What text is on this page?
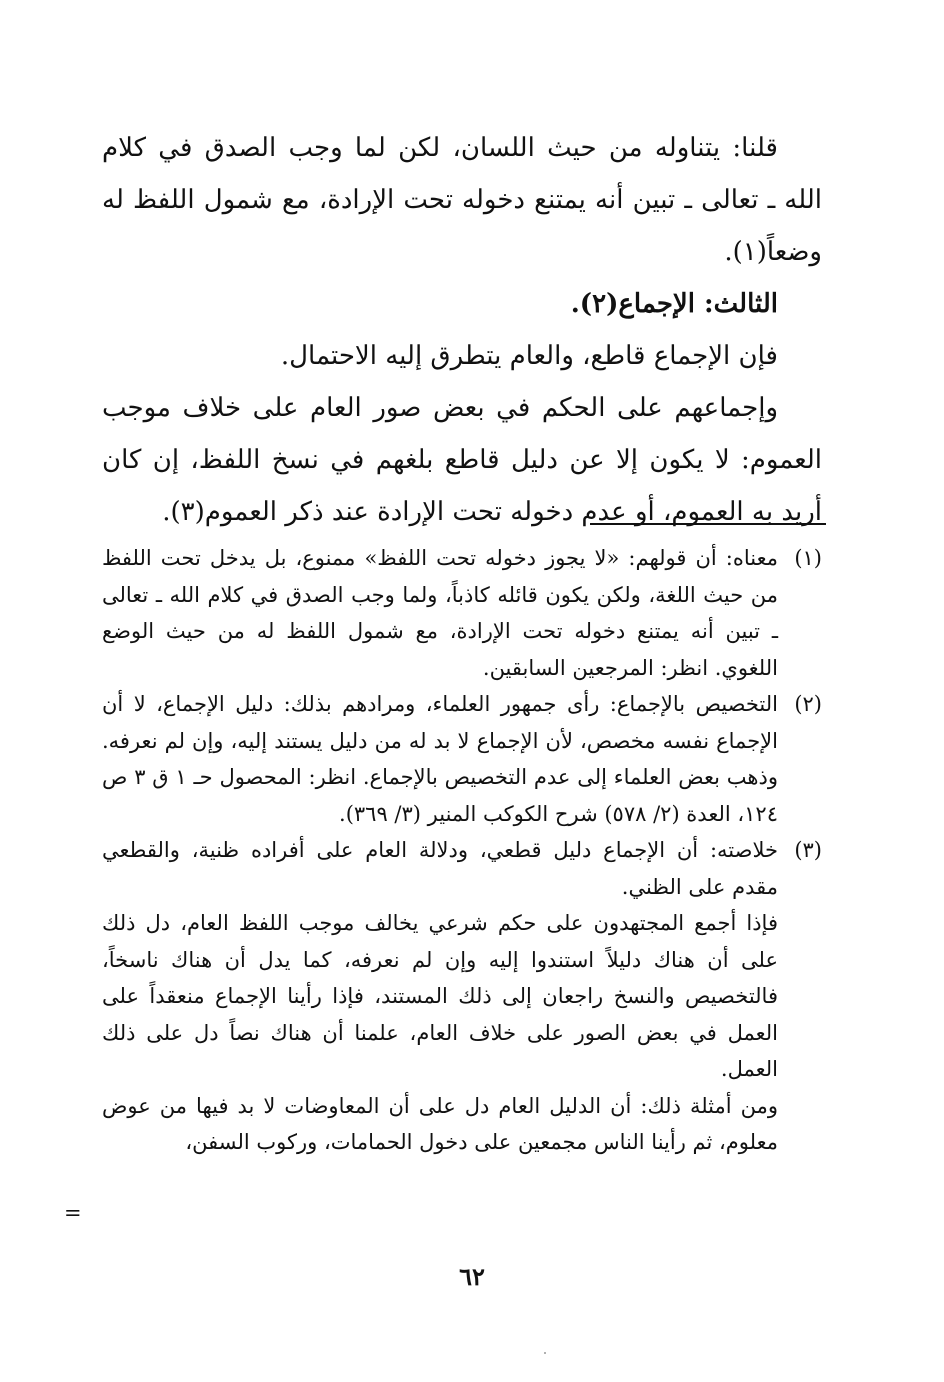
قلنا: يتناوله من حيث اللسان، لكن لما وجب الصدق في كلام الله ـ تعالى ـ تبين أنه يمتنع دخوله تحت الإرادة، مع شمول اللفظ له وضعاً(١).

الثالث: الإجماع(٢).

فإن الإجماع قاطع، والعام يتطرق إليه الاحتمال.

وإجماعهم على الحكم في بعض صور العام على خلاف موجب العموم: لا يكون إلا عن دليل قاطع بلغهم في نسخ اللفظ، إن كان أريد به العموم، أو عدم دخوله تحت الإرادة عند ذكر العموم(٣).

(١)
معناه: أن قولهم: «لا يجوز دخوله تحت اللفظ» ممنوع، بل يدخل تحت اللفظ من حيث اللغة، ولكن يكون قائله كاذباً، ولما وجب الصدق في كلام الله ـ تعالى ـ تبين أنه يمتنع دخوله تحت الإرادة، مع شمول اللفظ له من حيث الوضع اللغوي. انظر: المرجعين السابقين.
(٢)
التخصيص بالإجماع: رأى جمهور العلماء، ومرادهم بذلك: دليل الإجماع، لا أن الإجماع نفسه مخصص، لأن الإجماع لا بد له من دليل يستند إليه، وإن لم نعرفه. وذهب بعض العلماء إلى عدم التخصيص بالإجماع. انظر: المحصول حـ ١ ق ٣ ص ١٢٤، العدة (٢/ ٥٧٨) شرح الكوكب المنير (٣/ ٣٦٩).
(٣)
خلاصته: أن الإجماع دليل قطعي، ودلالة العام على أفراده ظنية، والقطعي مقدم على الظني.

فإذا أجمع المجتهدون على حكم شرعي يخالف موجب اللفظ العام، دل ذلك على أن هناك دليلاً استندوا إليه وإن لم نعرفه، كما يدل أن هناك ناسخاً، فالتخصيص والنسخ راجعان إلى ذلك المستند، فإذا رأينا الإجماع منعقداً على العمل في بعض الصور على خلاف العام، علمنا أن هناك نصاً دل على ذلك العمل.

ومن أمثلة ذلك: أن الدليل العام دل على أن المعاوضات لا بد فيها من عوض معلوم، ثم رأينا الناس مجمعين على دخول الحمامات، وركوب السفن،

=
٦٢
